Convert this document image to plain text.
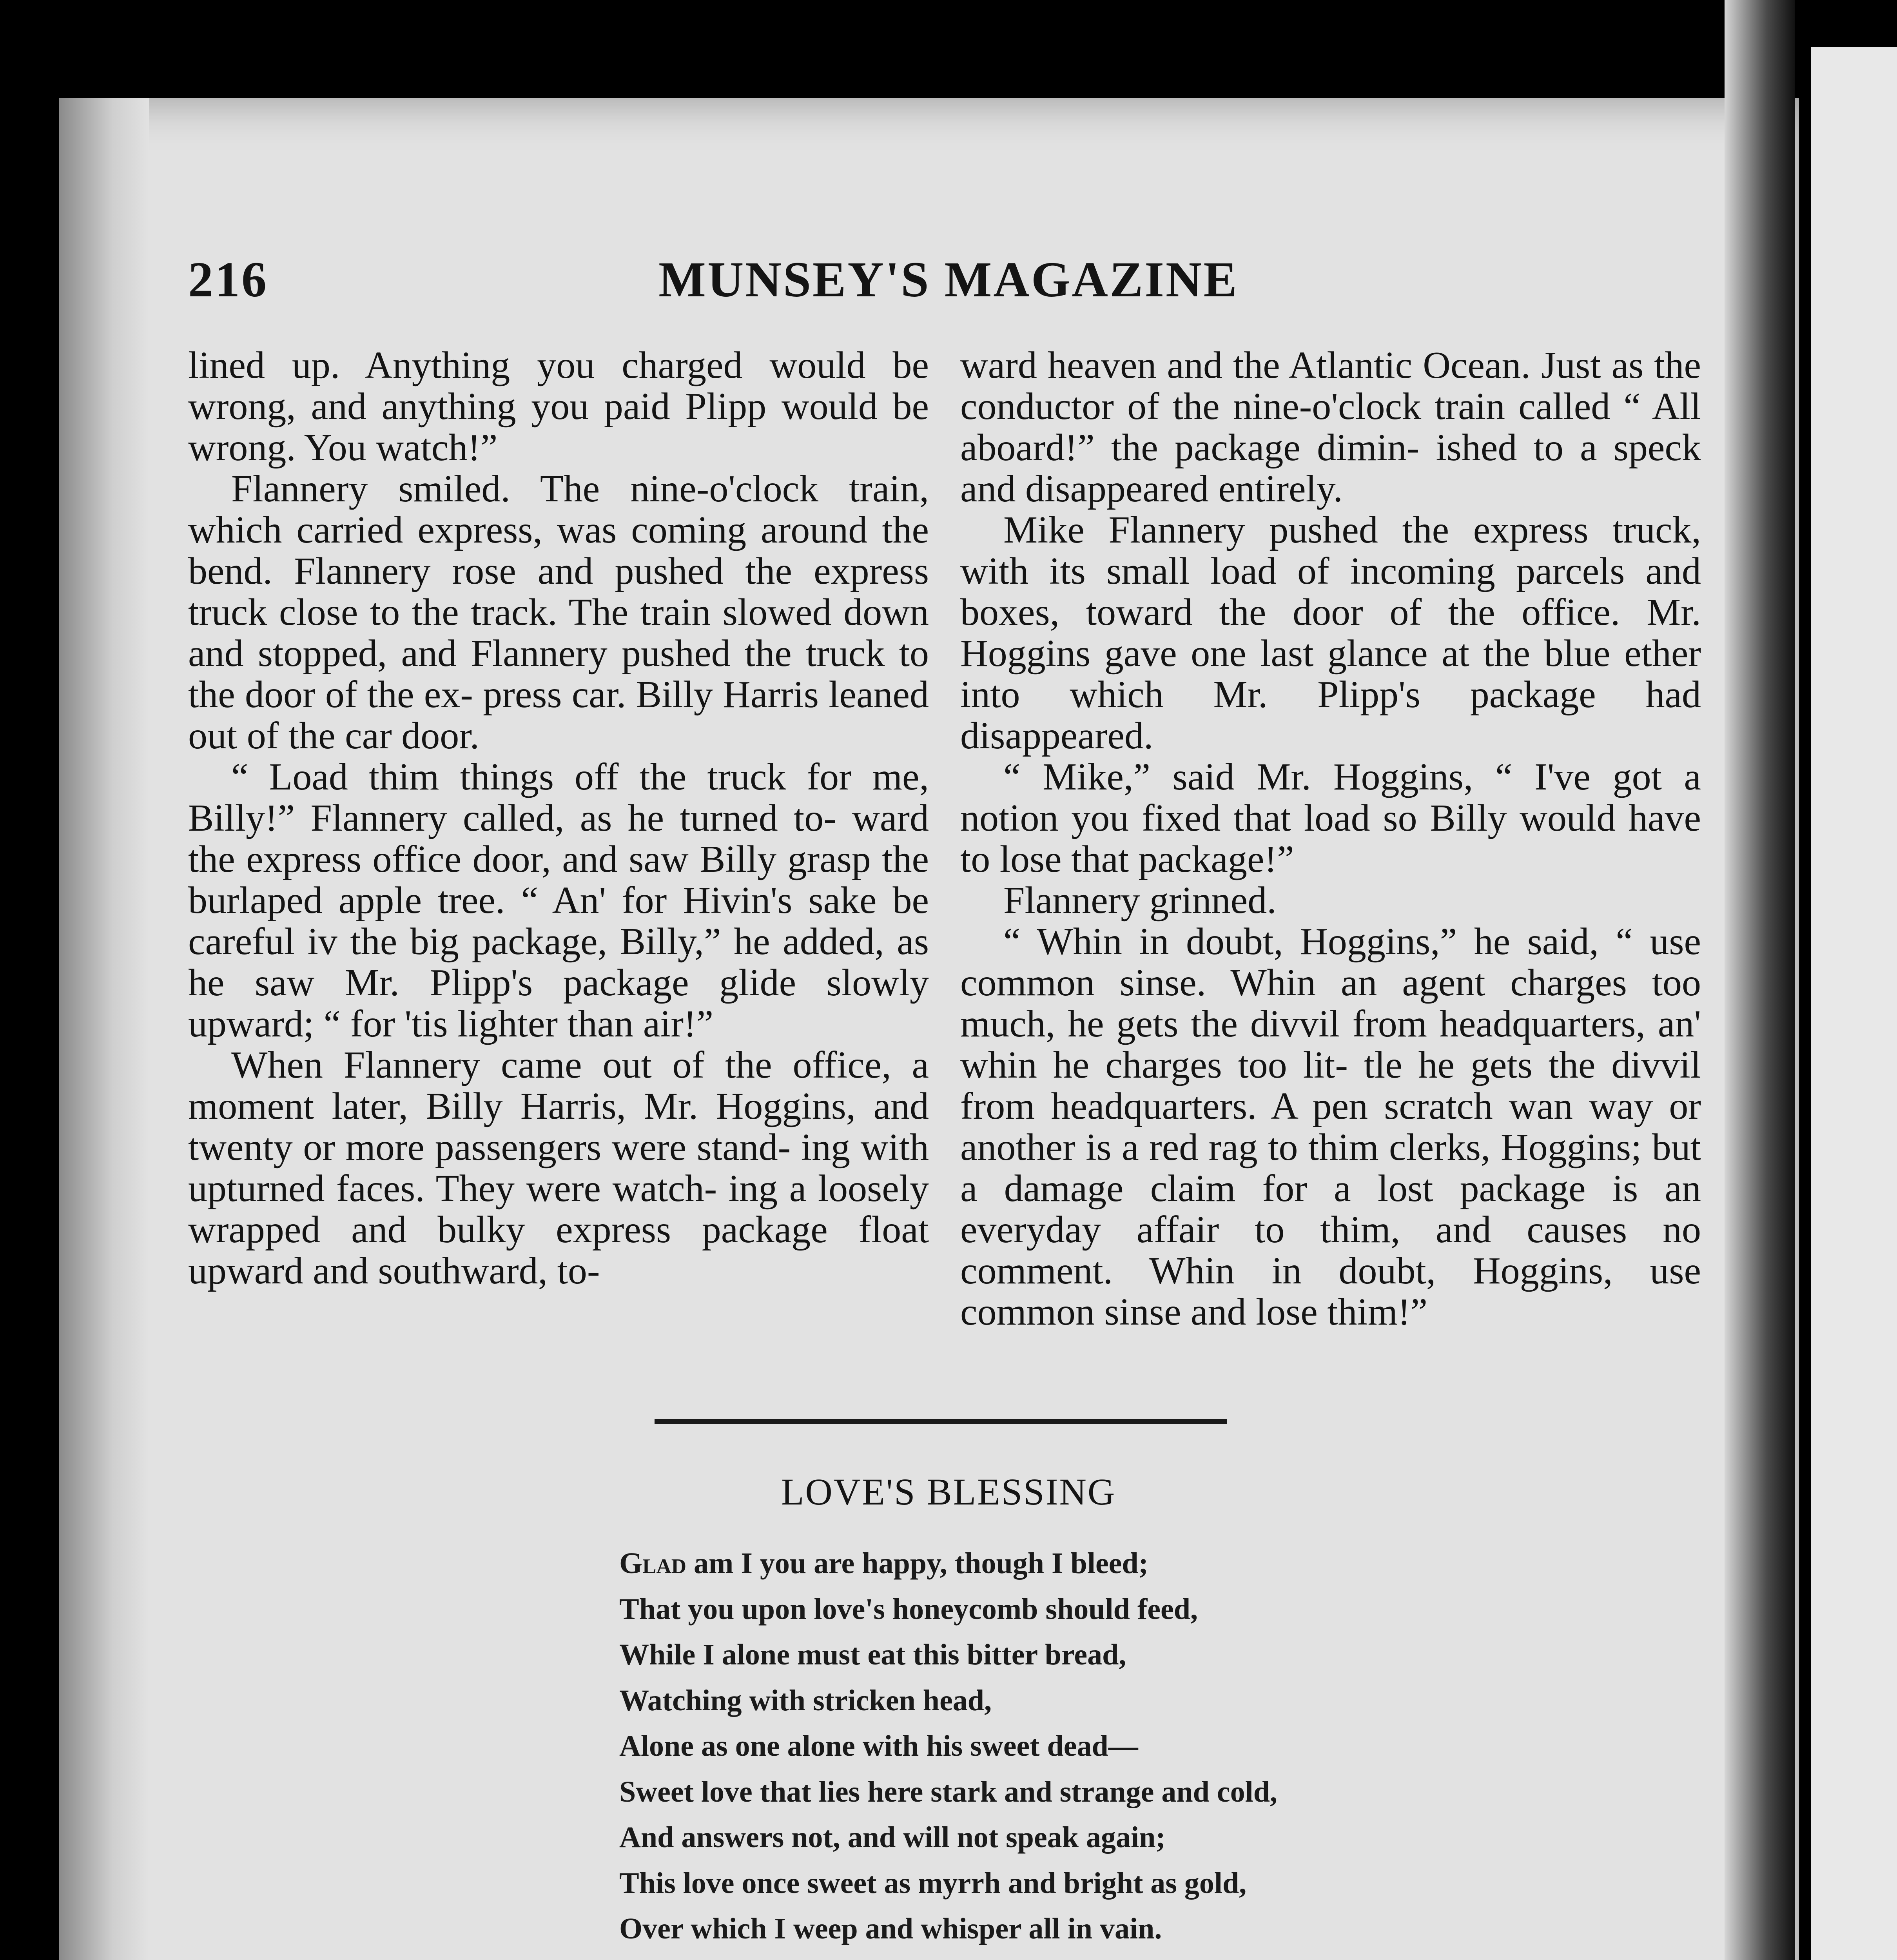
216	MUNSEY'S MAGAZINE

lined up. Anything you charged would be wrong, and anything you paid Plipp would be wrong. You watch!”

Flannery smiled. The nine-o'clock train, which carried express, was coming around the bend. Flannery rose and pushed the express truck close to the track. The train slowed down and stopped, and Flannery pushed the truck to the door of the ex- press car. Billy Harris leaned out of the car door.

“ Load thim things off the truck for me, Billy!” Flannery called, as he turned to- ward the express office door, and saw Billy grasp the burlaped apple tree. “ An' for Hivin's sake be careful iv the big package, Billy,” he added, as he saw Mr. Plipp's package glide slowly upward; “ for 'tis lighter than air!”

When Flannery came out of the office, a moment later, Billy Harris, Mr. Hoggins, and twenty or more passengers were stand- ing with upturned faces. They were watch- ing a loosely wrapped and bulky express package float upward and southward, to-

ward heaven and the Atlantic Ocean. Just as the conductor of the nine-o'clock train called “ All aboard!” the package dimin- ished to a speck and disappeared entirely.

Mike Flannery pushed the express truck, with its small load of incoming parcels and boxes, toward the door of the office. Mr. Hoggins gave one last glance at the blue ether into which Mr. Plipp's package had disappeared.

“ Mike,” said Mr. Hoggins, “ I've got a notion you fixed that load so Billy would have to lose that package!”

Flannery grinned.

“ Whin in doubt, Hoggins,” he said, “ use common sinse. Whin an agent charges too much, he gets the divvil from headquarters, an' whin he charges too lit- tle he gets the divvil from headquarters. A pen scratch wan way or another is a red rag to thim clerks, Hoggins; but a damage claim for a lost package is an everyday affair to thim, and causes no comment. Whin in doubt, Hoggins, use common sinse and lose thim!”

LOVE'S BLESSING
Glad am I you are happy, though I bleed;
That you upon love's honeycomb should feed,
While I alone must eat this bitter bread,
Watching with stricken head,
Alone as one alone with his sweet dead—
Sweet love that lies here stark and strange and cold,
And answers not, and will not speak again;
This love once sweet as myrrh and bright as gold,
Over which I weep and whisper all in vain.
